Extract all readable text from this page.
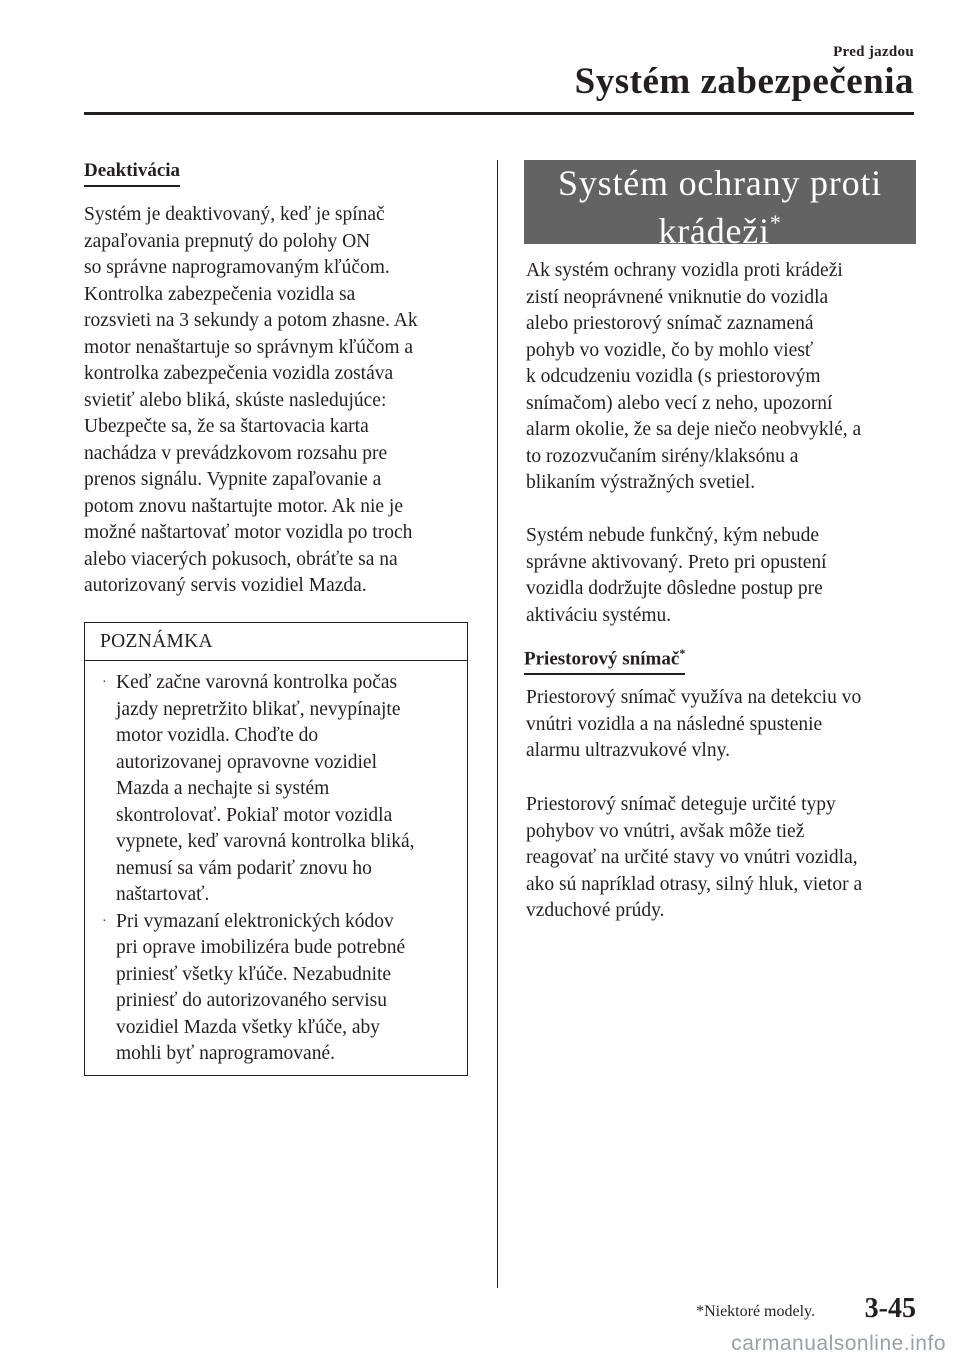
Pred jazdou
Systém zabezpečenia
Deaktivácia
Systém je deaktivovaný, keď je spínač
zapaľovania prepnutý do polohy ON
so správne naprogramovaným kľúčom.
Kontrolka zabezpečenia vozidla sa
rozsvieti na 3 sekundy a potom zhasne. Ak
motor nenaštartuje so správnym kľúčom a
kontrolka zabezpečenia vozidla zostáva
svietiť alebo bliká, skúste nasledujúce:
Ubezpečte sa, že sa štartovacia karta
nachádza v prevádzkovom rozsahu pre
prenos signálu. Vypnite zapaľovanie a
potom znovu naštartujte motor. Ak nie je
možné naštartovať motor vozidla po troch
alebo viacerých pokusoch, obráťte sa na
autorizovaný servis vozidiel Mazda.
POZNÁMKA
· Keď začne varovná kontrolka počas
jazdy nepretržito blikať, nevypínajte
motor vozidla. Choďte do
autorizovanej opravovne vozidiel
Mazda a nechajte si systém
skontrolovať. Pokiaľ motor vozidla
vypnete, keď varovná kontrolka bliká,
nemusí sa vám podariť znovu ho
naštartovať.
· Pri vymazaní elektronických kódov
pri oprave imobilizéra bude potrebné
priniesť všetky kľúče. Nezabudnite
priniesť do autorizovaného servisu
vozidiel Mazda všetky kľúče, aby
mohli byť naprogramované.
Systém ochrany proti
krádeži*
Ak systém ochrany vozidla proti krádeži
zistí neoprávnené vniknutie do vozidla
alebo priestorový snímač zaznamená
pohyb vo vozidle, čo by mohlo viesť
k odcudzeniu vozidla (s priestorovým
snímačom) alebo vecí z neho, upozorní
alarm okolie, že sa deje niečo neobvyklé, a
to rozozvučaním sirény/klaksónu a
blikaním výstražných svetiel.
Systém nebude funkčný, kým nebude
správne aktivovaný. Preto pri opustení
vozidla dodržujte dôsledne postup pre
aktiváciu systému.
Priestorový snímač*
Priestorový snímač využíva na detekciu vo
vnútri vozidla a na následné spustenie
alarmu ultrazvukové vlny.
Priestorový snímač deteguje určité typy
pohybov vo vnútri, avšak môže tiež
reagovať na určité stavy vo vnútri vozidla,
ako sú napríklad otrasy, silný hluk, vietor a
vzduchové prúdy.
*Niektoré modely. 3-45
carmanualsonline.info
